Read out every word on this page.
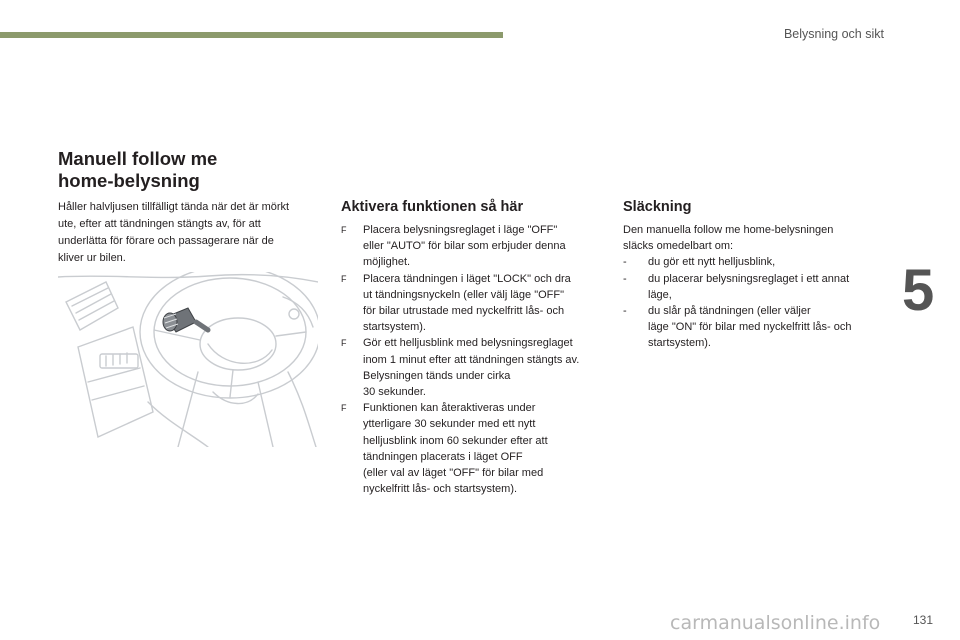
Belysning och sikt
5
Manuell follow me
home-belysning
Håller halvljusen tillfälligt tända när det är mörkt
ute, efter att tändningen stängts av, för att
underlätta för förare och passagerare när de
kliver ur bilen.
Aktivera funktionen så här
F Placera belysningsreglaget i läge "OFF"
eller "AUTO" för bilar som erbjuder denna
möjlighet.
F Placera tändningen i läget "LOCK" och dra
ut tändningsnyckeln (eller välj läge "OFF"
för bilar utrustade med nyckelfritt lås- och
startsystem).
F Gör ett helljusblink med belysningsreglaget
inom 1 minut efter att tändningen stängts av.
Belysningen tänds under cirka
30 sekunder.
F Funktionen kan återaktiveras under
ytterligare 30 sekunder med ett nytt
helljusblink inom 60 sekunder efter att
tändningen placerats i läget OFF
(eller val av läget "OFF" för bilar med
nyckelfritt lås- och startsystem).
Släckning
Den manuella follow me home-belysningen
släcks omedelbart om:
- du gör ett nytt helljusblink,
- du placerar belysningsreglaget i ett annat
läge,
- du slår på tändningen (eller väljer
läge "ON" för bilar med nyckelfritt lås- och
startsystem).
carmanualsonline.info	131
